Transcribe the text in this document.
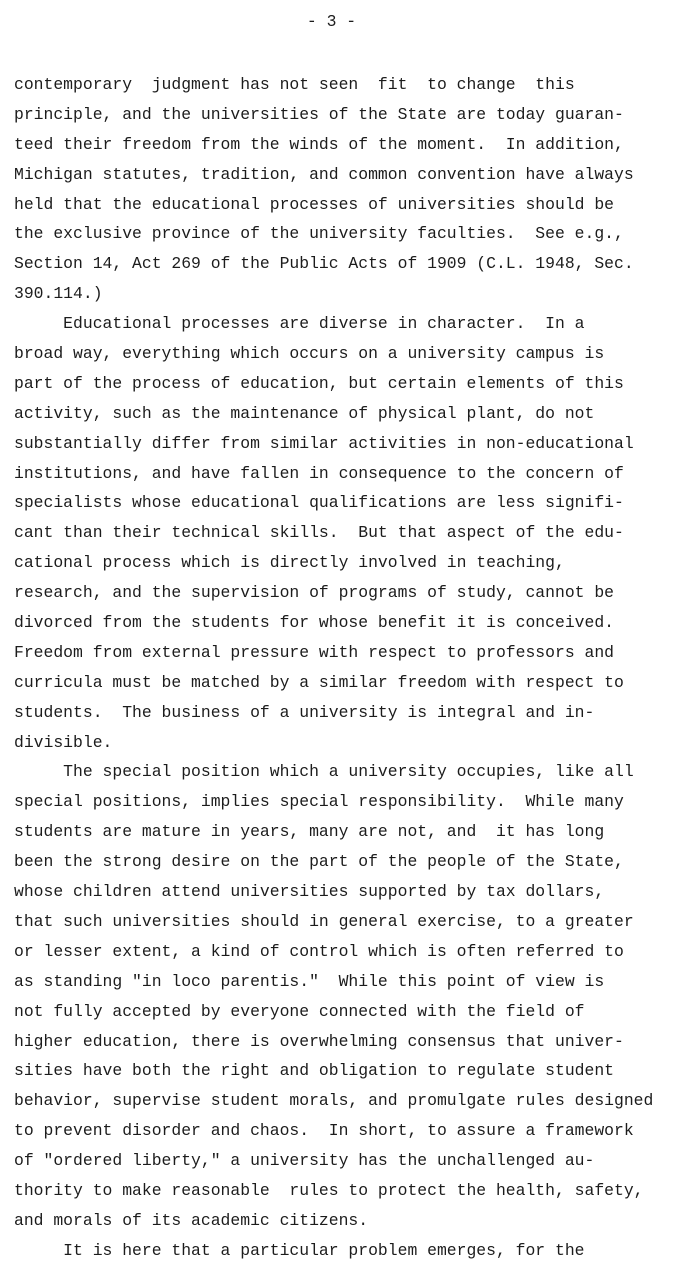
- 3 -
contemporary  judgment has not seen  fit  to change  this
principle, and the universities of the State are today guaran-
teed their freedom from the winds of the moment.  In addition,
Michigan statutes, tradition, and common convention have always
held that the educational processes of universities should be
the exclusive province of the university faculties.  See e.g.,
Section 14, Act 269 of the Public Acts of 1909 (C.L. 1948, Sec.
390.114.)
Educational processes are diverse in character.  In a
broad way, everything which occurs on a university campus is
part of the process of education, but certain elements of this
activity, such as the maintenance of physical plant, do not
substantially differ from similar activities in non-educational
institutions, and have fallen in consequence to the concern of
specialists whose educational qualifications are less signifi-
cant than their technical skills.  But that aspect of the edu-
cational process which is directly involved in teaching,
research, and the supervision of programs of study, cannot be
divorced from the students for whose benefit it is conceived.
Freedom from external pressure with respect to professors and
curricula must be matched by a similar freedom with respect to
students.  The business of a university is integral and in-
divisible.
The special position which a university occupies, like all
special positions, implies special responsibility.  While many
students are mature in years, many are not, and  it has long
been the strong desire on the part of the people of the State,
whose children attend universities supported by tax dollars,
that such universities should in general exercise, to a greater
or lesser extent, a kind of control which is often referred to
as standing "in loco parentis."  While this point of view is
not fully accepted by everyone connected with the field of
higher education, there is overwhelming consensus that univer-
sities have both the right and obligation to regulate student
behavior, supervise student morals, and promulgate rules designed
to prevent disorder and chaos.  In short, to assure a framework
of "ordered liberty," a university has the unchallenged au-
thority to make reasonable  rules to protect the health, safety,
and morals of its academic citizens.
It is here that a particular problem emerges, for the
